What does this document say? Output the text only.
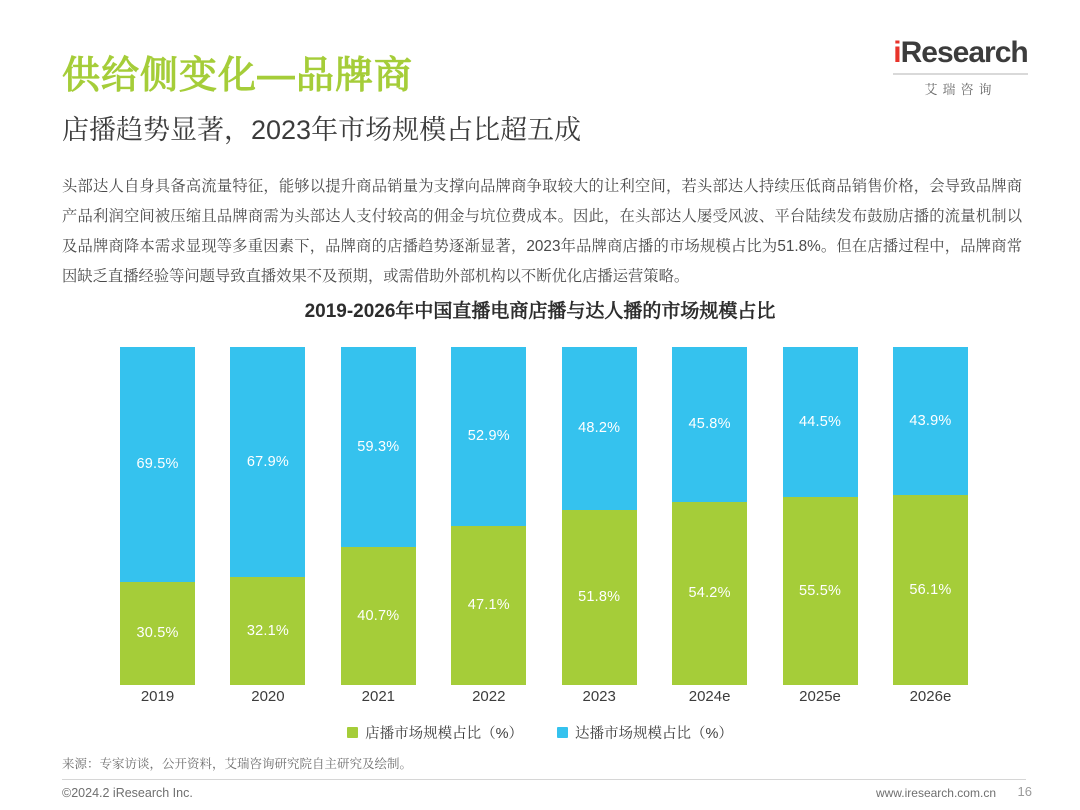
供给侧变化—品牌商
店播趋势显著，2023年市场规模占比超五成
iResearch
艾瑞咨询
头部达人自身具备高流量特征，能够以提升商品销量为支撑向品牌商争取较大的让利空间，若头部达人持续压低商品销售价格，会导致品牌商产品利润空间被压缩且品牌商需为头部达人支付较高的佣金与坑位费成本。因此，在头部达人屡受风波、平台陆续发布鼓励店播的流量机制以及品牌商降本需求显现等多重因素下，品牌商的店播趋势逐渐显著，2023年品牌商店播的市场规模占比为51.8%。但在店播过程中，品牌商常因缺乏直播经验等问题导致直播效果不及预期，或需借助外部机构以不断优化店播运营策略。
2019-2026年中国直播电商店播与达人播的市场规模占比
69.5%
30.5%
67.9%
32.1%
59.3%
40.7%
52.9%
47.1%
48.2%
51.8%
45.8%
54.2%
44.5%
55.5%
43.9%
56.1%
2019	2020	2021	2022	2023	2024e	2025e	2026e
店播市场规模占比（%）	达播市场规模占比（%）
来源：专家访谈，公开资料，艾瑞咨询研究院自主研究及绘制。
©2024.2 iResearch Inc.	www.iresearch.com.cn 16
